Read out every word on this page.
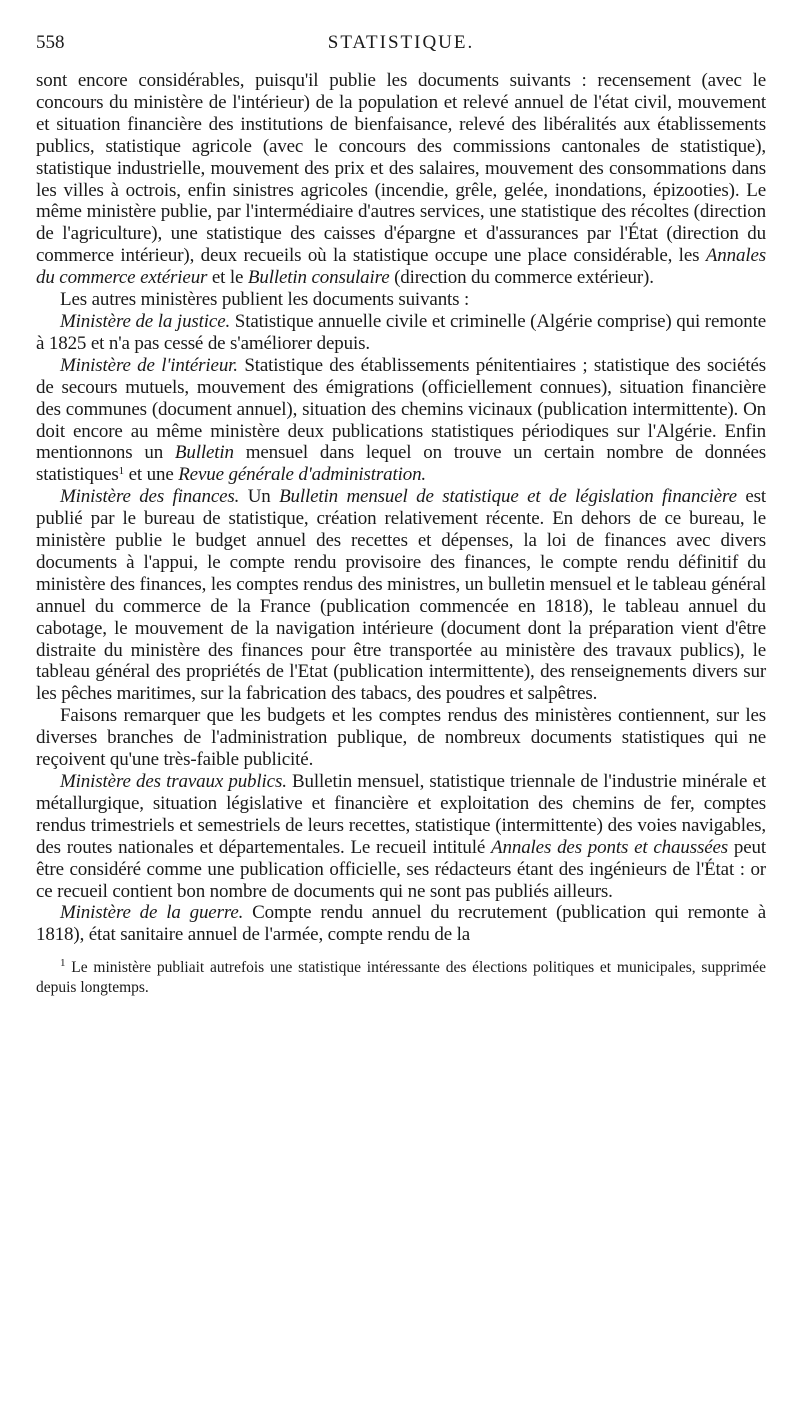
558	STATISTIQUE.

sont encore considérables, puisqu'il publie les documents suivants : recensement (avec le concours du ministère de l'intérieur) de la population et relevé annuel de l'état civil, mouvement et situation financière des institutions de bienfaisance, relevé des libéralités aux établissements publics, statistique agricole (avec le concours des commissions cantonales de statistique), statistique industrielle, mouvement des prix et des salaires, mouvement des consommations dans les villes à octrois, enfin sinistres agricoles (incendie, grêle, gelée, inondations, épizooties). Le même ministère publie, par l'intermédiaire d'autres services, une statistique des récoltes (direction de l'agriculture), une statistique des caisses d'épargne et d'assurances par l'État (direction du commerce intérieur), deux recueils où la statistique occupe une place considérable, les Annales du commerce extérieur et le Bulletin consulaire (direction du commerce extérieur).

Les autres ministères publient les documents suivants :

Ministère de la justice. Statistique annuelle civile et criminelle (Algérie comprise) qui remonte à 1825 et n'a pas cessé de s'améliorer depuis.

Ministère de l'intérieur. Statistique des établissements pénitentiaires ; statistique des sociétés de secours mutuels, mouvement des émigrations (officiellement connues), situation financière des communes (document annuel), situation des chemins vicinaux (publication intermittente). On doit encore au même ministère deux publications statistiques périodiques sur l'Algérie. Enfin mentionnons un Bulletin mensuel dans lequel on trouve un certain nombre de données statistiques$^1$ et une Revue générale d'administration.

Ministère des finances. Un Bulletin mensuel de statistique et de législation financière est publié par le bureau de statistique, création relativement récente. En dehors de ce bureau, le ministère publie le budget annuel des recettes et dépenses, la loi de finances avec divers documents à l'appui, le compte rendu provisoire des finances, le compte rendu définitif du ministère des finances, les comptes rendus des ministres, un bulletin mensuel et le tableau général annuel du commerce de la France (publication commencée en 1818), le tableau annuel du cabotage, le mouvement de la navigation intérieure (document dont la préparation vient d'être distraite du ministère des finances pour être transportée au ministère des travaux publics), le tableau général des propriétés de l'Etat (publication intermittente), des renseignements divers sur les pêches maritimes, sur la fabrication des tabacs, des poudres et salpêtres.

Faisons remarquer que les budgets et les comptes rendus des ministères contiennent, sur les diverses branches de l'administration publique, de nombreux documents statistiques qui ne reçoivent qu'une très-faible publicité.

Ministère des travaux publics. Bulletin mensuel, statistique triennale de l'industrie minérale et métallurgique, situation législative et financière et exploitation des chemins de fer, comptes rendus trimestriels et semestriels de leurs recettes, statistique (intermittente) des voies navigables, des routes nationales et départementales. Le recueil intitulé Annales des ponts et chaussées peut être considéré comme une publication officielle, ses rédacteurs étant des ingénieurs de l'État : or ce recueil contient bon nombre de documents qui ne sont pas publiés ailleurs.

Ministère de la guerre. Compte rendu annuel du recrutement (publication qui remonte à 1818), état sanitaire annuel de l'armée, compte rendu de la

$^1$ Le ministère publiait autrefois une statistique intéressante des élections politiques et municipales, supprimée depuis longtemps.
